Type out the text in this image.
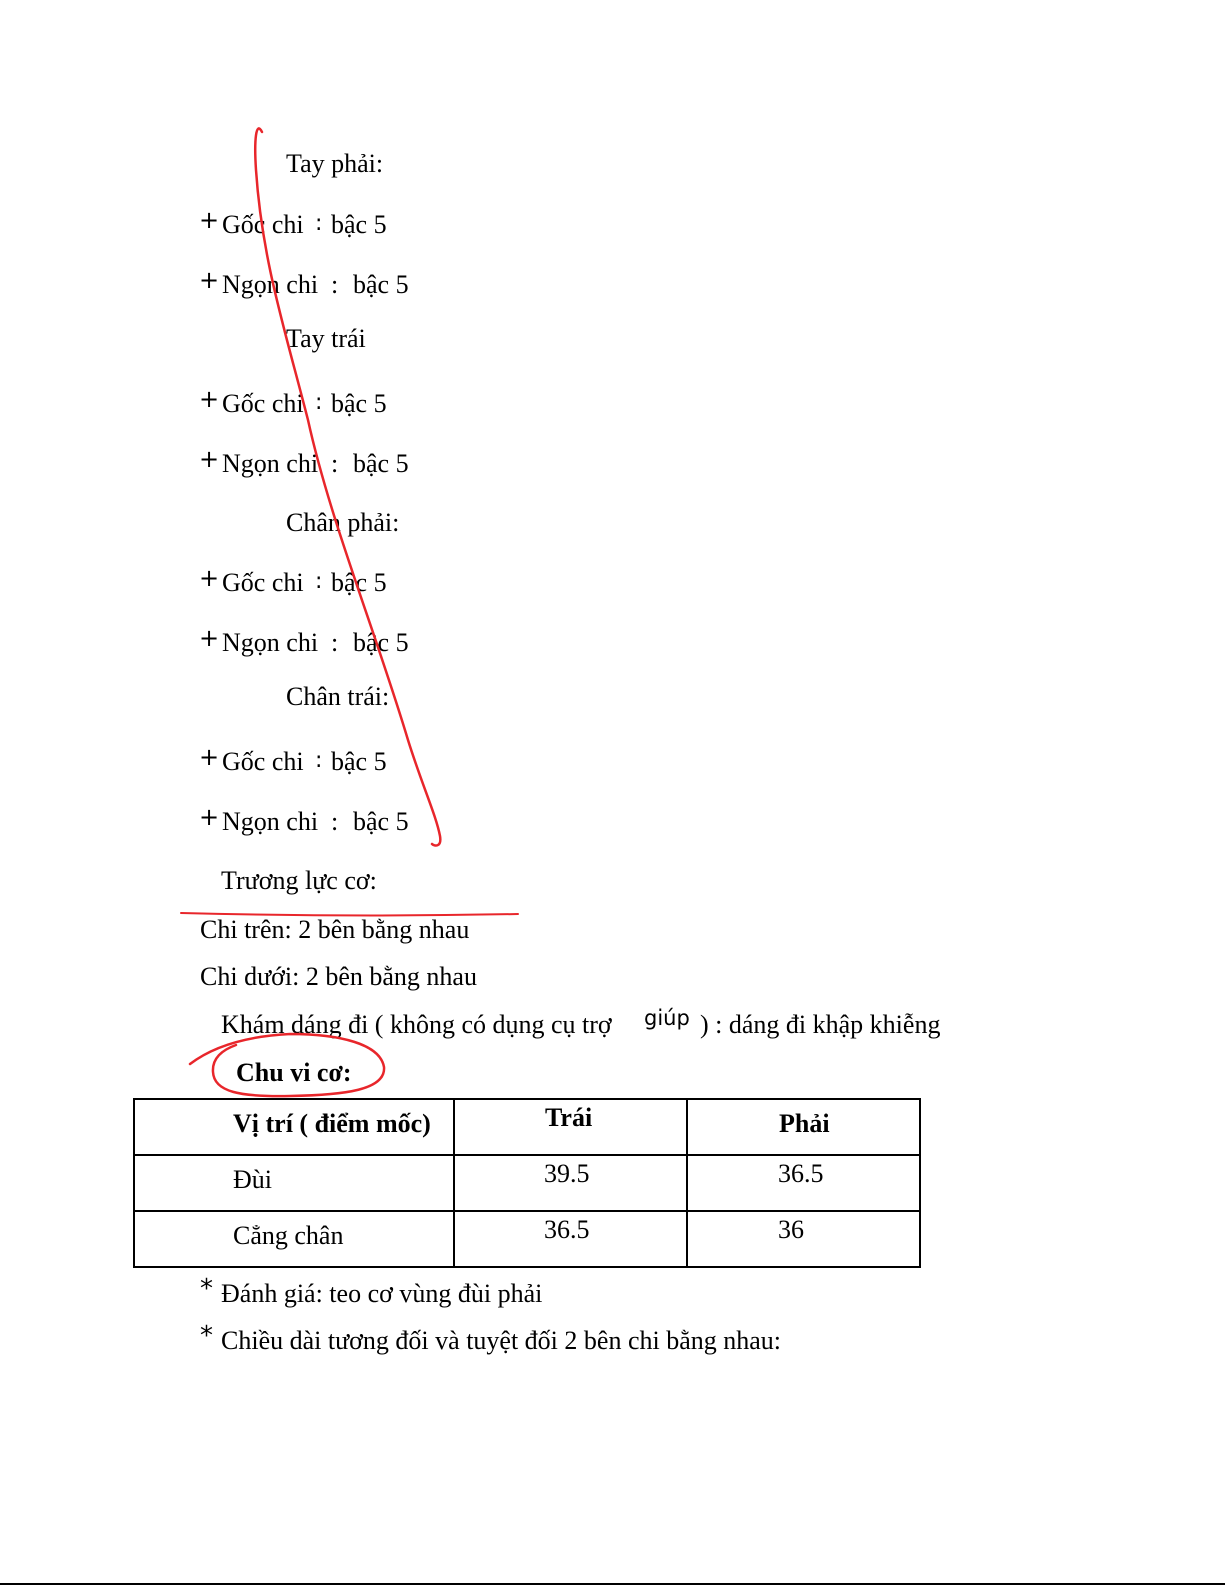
Tay phải:
+ Gốc chi : bậc 5
+ Ngọn chi : bậc 5
Tay trái
+ Gốc chi : bậc 5
+ Ngọn chi : bậc 5
Chân phải:
+ Gốc chi : bậc 5
+ Ngọn chi : bậc 5
Chân trái:
+ Gốc chi : bậc 5
+ Ngọn chi : bậc 5
Trương lực cơ:
Chi trên: 2 bên bằng nhau
Chi dưới: 2 bên bằng nhau
Khám dáng đi ( không có dụng cụ trợ giúp ) : dáng đi khập khiễng
Chu vi cơ:
Vị trí ( điểm mốc)	Trái	Phải

Đùi	39.5	36.5

Cẳng chân	36.5	36
* Đánh giá: teo cơ vùng đùi phải
* Chiều dài tương đối và tuyệt đối 2 bên chi bằng nhau:
